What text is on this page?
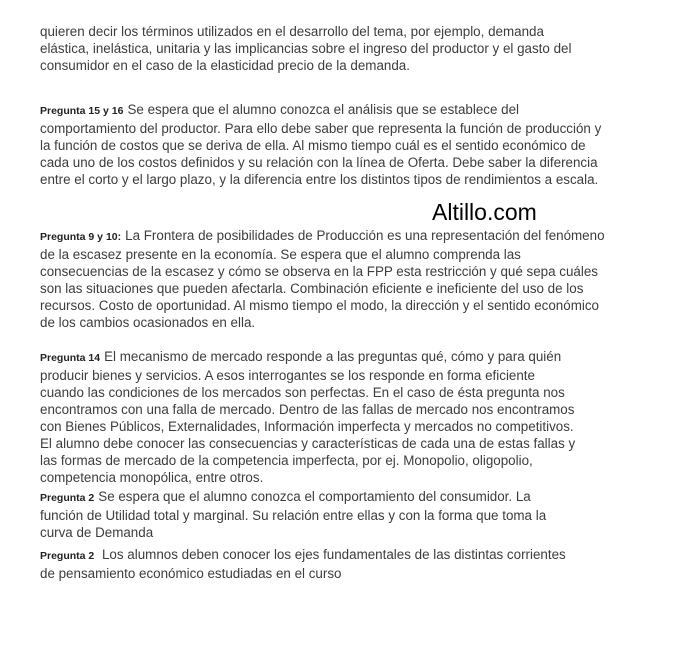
quieren decir los términos utilizados en el desarrollo del tema, por ejemplo, demanda
elástica, inelástica, unitaria y las implicancias sobre el ingreso del productor y el gasto del
consumidor en el caso de la elasticidad precio de la demanda.
Pregunta 15 y 16 Se espera que el alumno conozca el análisis que se establece del
comportamiento del productor. Para ello debe saber que representa la función de producción y
la función de costos que se deriva de ella. Al mismo tiempo cuál es el sentido económico de
cada uno de los costos definidos y su relación con la línea de Oferta. Debe saber la diferencia
entre el corto y el largo plazo, y la diferencia entre los distintos tipos de rendimientos a escala.
Altillo.com
Pregunta 9 y 10: La Frontera de posibilidades de Producción es una representación del fenómeno
de la escasez presente en la economía. Se espera que el alumno comprenda las
consecuencias de la escasez y cómo se observa en la FPP esta restricción y qué sepa cuáles
son las situaciones que pueden afectarla. Combinación eficiente e ineficiente del uso de los
recursos. Costo de oportunidad. Al mismo tiempo el modo, la dirección y el sentido económico
de los cambios ocasionados en ella.
Pregunta 14 El mecanismo de mercado responde a las preguntas qué, cómo y para quién
producir bienes y servicios. A esos interrogantes se los responde en forma eficiente
cuando las condiciones de los mercados son perfectas. En el caso de ésta pregunta nos
encontramos con una falla de mercado. Dentro de las fallas de mercado nos encontramos
con Bienes Públicos, Externalidades, Información imperfecta y mercados no competitivos.
El alumno debe conocer las consecuencias y características de cada una de estas fallas y
las formas de mercado de la competencia imperfecta, por ej. Monopolio, oligopolio,
competencia monopólica, entre otros.
Pregunta 2 Se espera que el alumno conozca el comportamiento del consumidor. La
función de Utilidad total y marginal. Su relación entre ellas y con la forma que toma la
curva de Demanda
Pregunta 2 Los alumnos deben conocer los ejes fundamentales de las distintas corrientes
de pensamiento económico estudiadas en el curso
